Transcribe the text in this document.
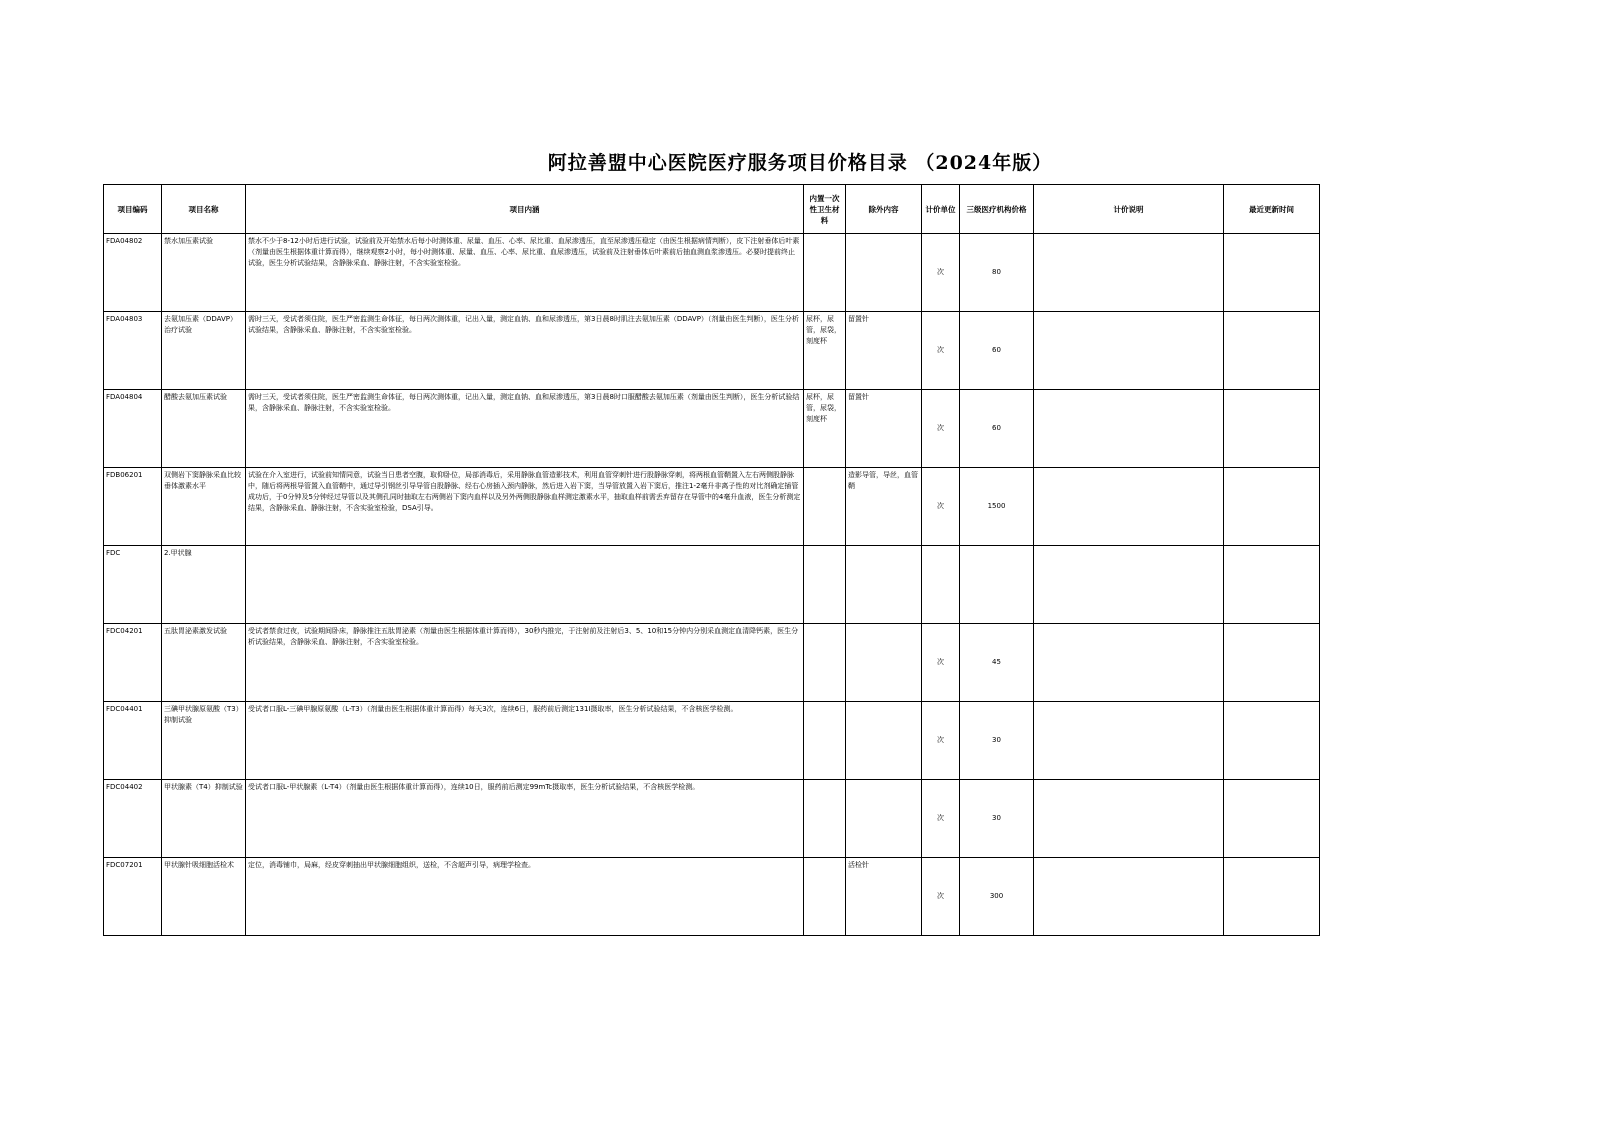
阿拉善盟中心医院医疗服务项目价格目录 （2024年版）
项目编码	项目名称	项目内涵	内置一次性卫生材料	除外内容	计价单位	三级医疗机构价格	计价说明	最近更新时间
FDA04802	禁水加压素试验	禁水不少于8-12小时后进行试验，试验前及开始禁水后每小时测体重、尿量、血压、心率、尿比重、血尿渗透压，直至尿渗透压稳定（由医生根据病情判断），皮下注射垂体后叶素（剂量由医生根据体重计算而得），继续观察2小时，每小时测体重、尿量、血压、心率、尿比重、血尿渗透压，试验前及注射垂体后叶素前后抽血测血浆渗透压。必要时提前终止试验，医生分析试验结果，含静脉采血、静脉注射，不含实验室检验。			次	80		
FDA04803	去氨加压素（DDAVP）治疗试验	需时三天，受试者须住院，医生严密监测生命体征，每日两次测体重，记出入量，测定血钠、血和尿渗透压，第3日晨8时肌注去氨加压素（DDAVP）（剂量由医生判断），医生分析试验结果，含静脉采血、静脉注射，不含实验室检验。	尿杯，尿管，尿袋，刻度杯	留置针	次	60		
FDA04804	醋酸去氨加压素试验	需时三天，受试者须住院，医生严密监测生命体征，每日两次测体重，记出入量，测定血钠、血和尿渗透压，第3日晨8时口服醋酸去氨加压素（剂量由医生判断），医生分析试验结果，含静脉采血、静脉注射，不含实验室检验。	尿杯，尿管，尿袋，刻度杯	留置针	次	60		
FDB06201	双侧岩下窦静脉采血比较垂体激素水平	试验在介入室进行，试验前知情同意，试验当日患者空腹，取仰卧位，局部消毒后，采用静脉血管造影技术，利用血管穿刺针进行股静脉穿刺，将两根血管鞘置入左右两侧股静脉中，随后将两根导管置入血管鞘中，通过导引钢丝引导导管自股静脉、经右心房插入颈内静脉，然后进入岩下窦，当导管放置入岩下窦后，推注1-2毫升非离子性的对比剂确定插管成功后，于0分钟及5分钟经过导管以及其侧孔同时抽取左右两侧岩下窦内血样以及另外两侧股静脉血样测定激素水平，抽取血样前需丢弃留存在导管中的4毫升血液，医生分析测定结果，含静脉采血、静脉注射，不含实验室检验，DSA引导。		造影导管，导丝，血管鞘	次	1500		
FDC	2.甲状腺							
FDC04201	五肽胃泌素激发试验	受试者禁食过夜，试验期间卧床，静脉推注五肽胃泌素（剂量由医生根据体重计算而得），30秒内推完，于注射前及注射后3、5、10和15分钟内分别采血测定血清降钙素，医生分析试验结果，含静脉采血、静脉注射，不含实验室检验。			次	45		
FDC04401	三碘甲状腺原氨酸（T3）抑制试验	受试者口服L-三碘甲腺原氨酸（L-T3）（剂量由医生根据体重计算而得）每天3次，连续6日，服药前后测定131I摄取率，医生分析试验结果，不含核医学检测。			次	30		
FDC04402	甲状腺素（T4）抑制试验	受试者口服L-甲状腺素（L-T4）（剂量由医生根据体重计算而得），连续10日，服药前后测定99mTc摄取率，医生分析试验结果，不含核医学检测。			次	30		
FDC07201	甲状腺针吸细胞活检术	定位，消毒铺巾，局麻，经皮穿刺抽出甲状腺细胞组织，送检，不含超声引导，病理学检查。		活检针	次	300		
